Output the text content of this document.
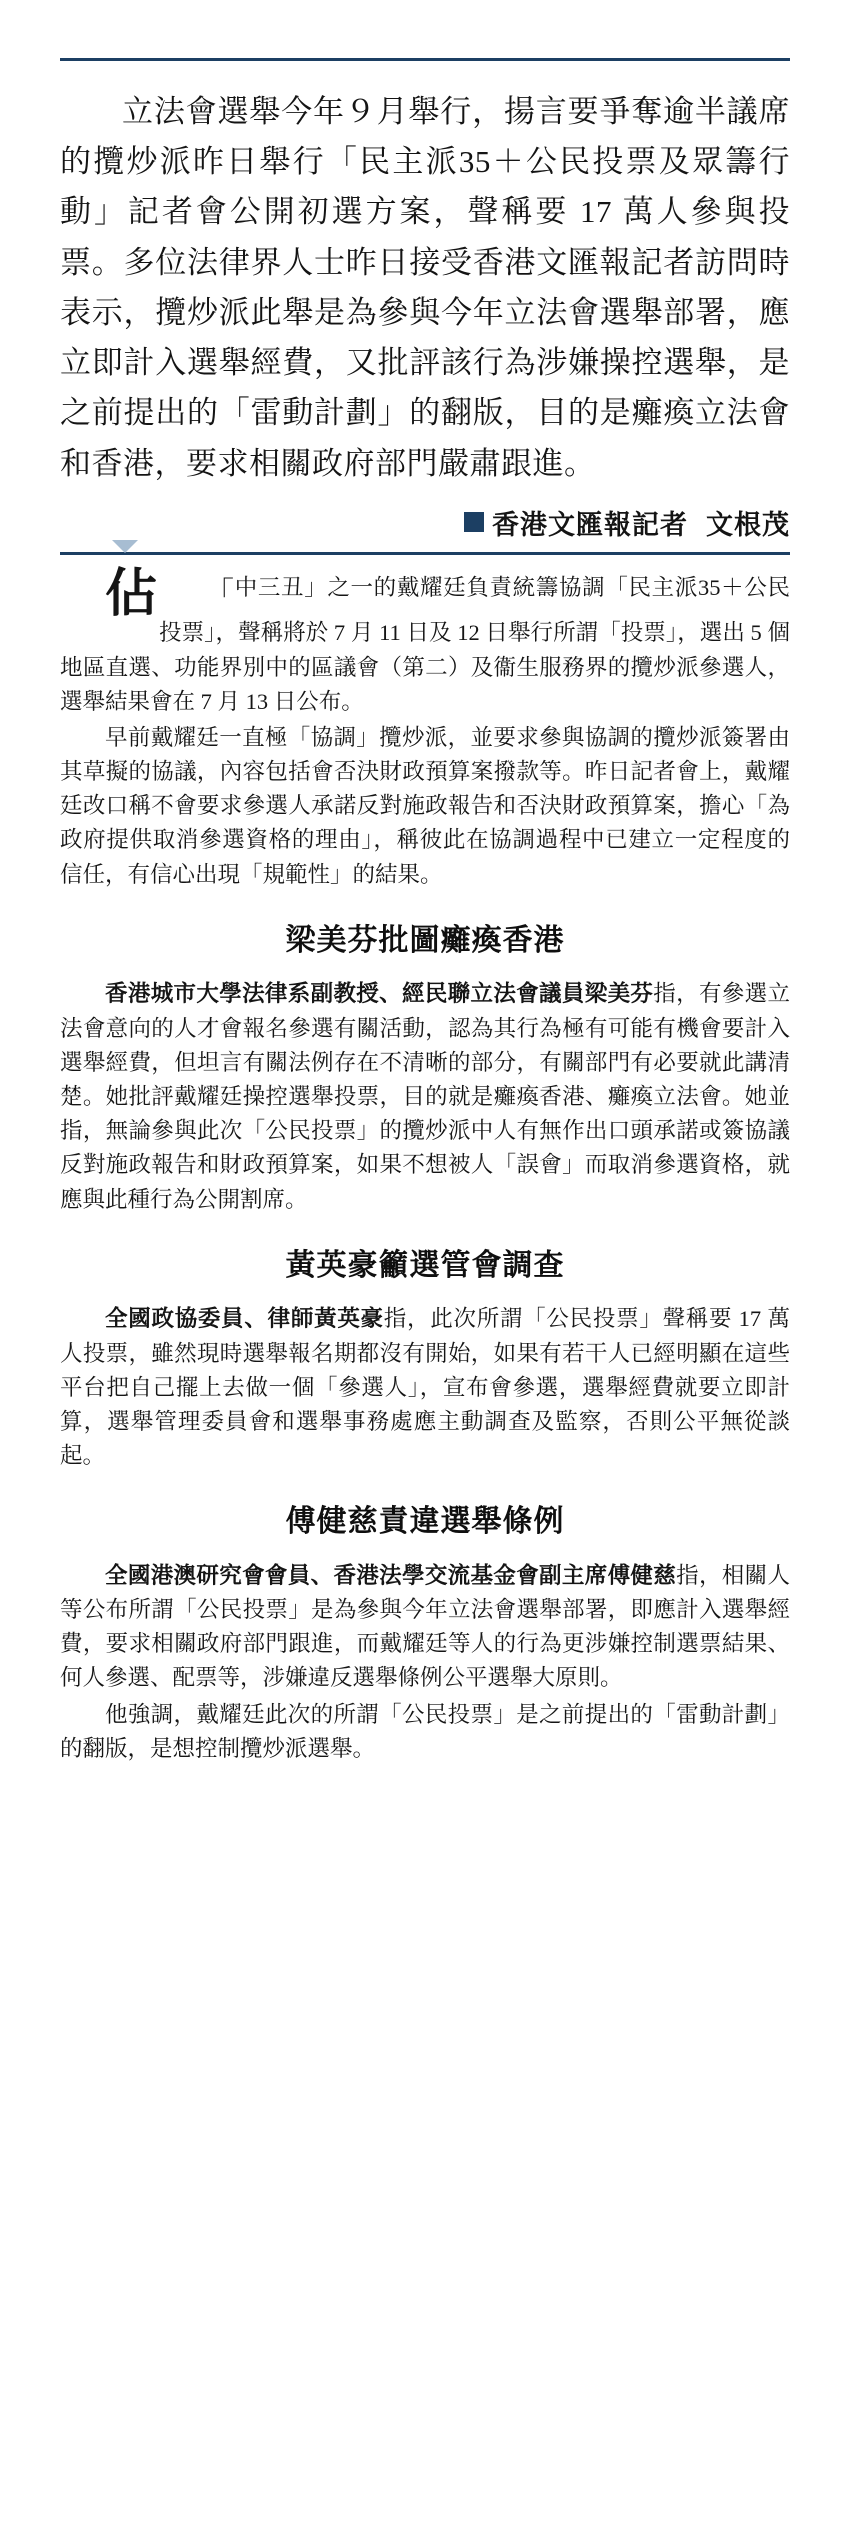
立法會選舉今年９月舉行，揚言要爭奪逾半議席的攬炒派昨日舉行「民主派35＋公民投票及眾籌行動」記者會公開初選方案，聲稱要 17 萬人參與投票。多位法律界人士昨日接受香港文匯報記者訪問時表示，攬炒派此舉是為參與今年立法會選舉部署，應立即計入選舉經費，又批評該行為涉嫌操控選舉，是之前提出的「雷動計劃」的翻版，目的是癱瘓立法會和香港，要求相關政府部門嚴肅跟進。
香港文匯報記者 文根茂

「
佔	中三丑」之一的戴耀廷負責統籌協調「民主派35＋公民投票」，聲稱將於 7 月 11 日及 12 日舉行所謂「投票」，選出 5 個地區直選、功能界別中的區議會（第二）及衞生服務界的攬炒派參選人，選舉結果會在 7 月 13 日公布。

早前戴耀廷一直極「協調」攬炒派，並要求參與協調的攬炒派簽署由其草擬的協議，內容包括會否決財政預算案撥款等。昨日記者會上，戴耀廷改口稱不會要求參選人承諾反對施政報告和否決財政預算案，擔心「為政府提供取消參選資格的理由」，稱彼此在協調過程中已建立一定程度的信任，有信心出現「規範性」的結果。

梁美芬批圖癱瘓香港

香港城市大學法律系副教授、經民聯立法會議員梁美芬指，有參選立法會意向的人才會報名參選有關活動，認為其行為極有可能有機會要計入選舉經費，但坦言有關法例存在不清晰的部分，有關部門有必要就此講清楚。她批評戴耀廷操控選舉投票，目的就是癱瘓香港、癱瘓立法會。她並指，無論參與此次「公民投票」的攬炒派中人有無作出口頭承諾或簽協議反對施政報告和財政預算案，如果不想被人「誤會」而取消參選資格，就應與此種行為公開割席。

黃英豪籲選管會調查

全國政協委員、律師黃英豪指，此次所謂「公民投票」聲稱要 17 萬人投票，雖然現時選舉報名期都沒有開始，如果有若干人已經明顯在這些平台把自己擺上去做一個「參選人」，宣布會參選，選舉經費就要立即計算，選舉管理委員會和選舉事務處應主動調查及監察，否則公平無從談起。

傅健慈責違選舉條例

全國港澳研究會會員、香港法學交流基金會副主席傅健慈指，相關人等公布所謂「公民投票」是為參與今年立法會選舉部署，即應計入選舉經費，要求相關政府部門跟進，而戴耀廷等人的行為更涉嫌控制選票結果、何人參選、配票等，涉嫌違反選舉條例公平選舉大原則。

他強調，戴耀廷此次的所謂「公民投票」是之前提出的「雷動計劃」的翻版，是想控制攬炒派選舉。
